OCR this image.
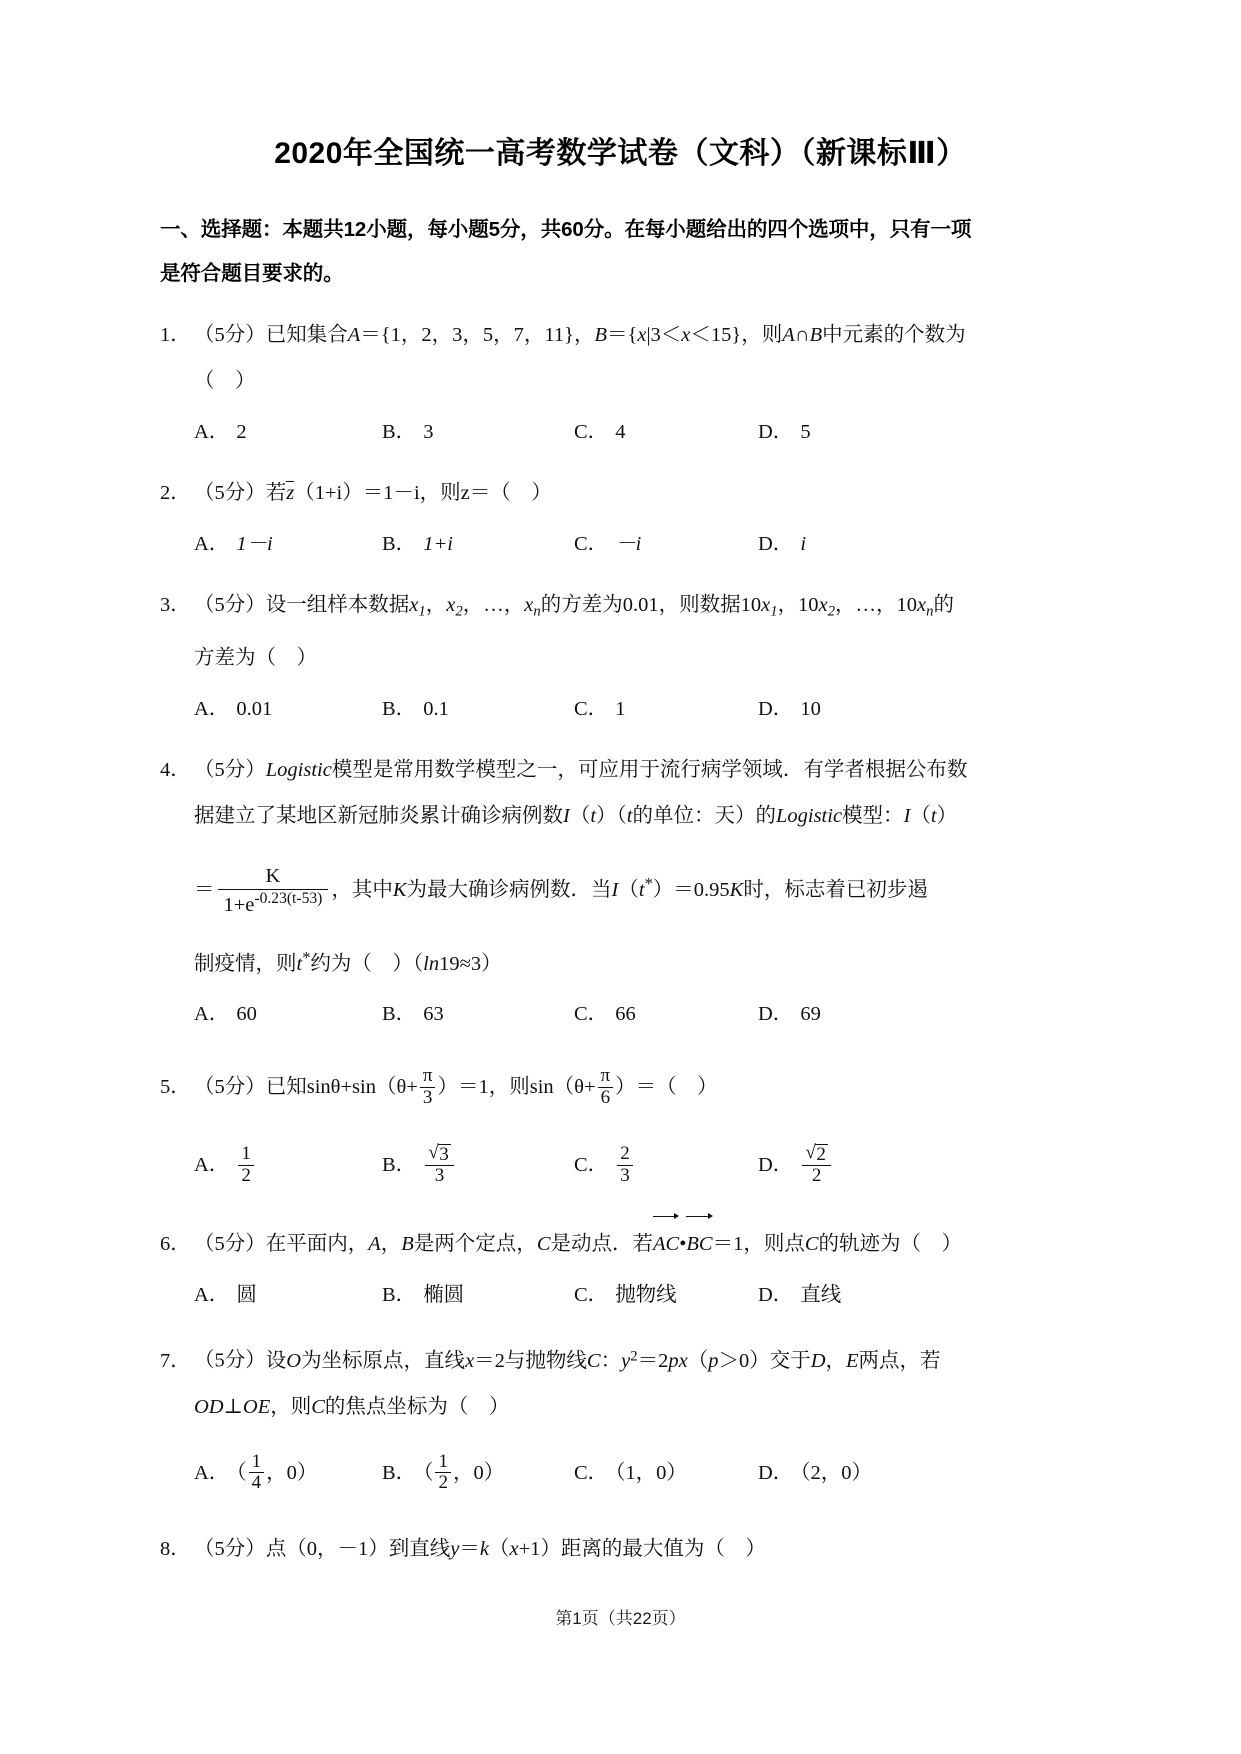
2020年全国统一高考数学试卷（文科）（新课标Ⅲ）
一、选择题：本题共12小题，每小题5分，共60分。在每小题给出的四个选项中，只有一项
是符合题目要求的。
1． （5分）已知集合A＝{1，2，3，5，7，11}，B＝{x|3＜x＜15}，则A∩B中元素的个数为
（　）
A． 2	B． 3	C． 4	D． 5
2． （5分）若z（1+i）＝1－i，则z＝（　）
A． 1－i	B． 1+i	C． －i	D． i
3． （5分）设一组样本数据$x_1$，$x_2$，…，$x_n$的方差为0.01，则数据$10x_1$，$10x_2$，…，$10x_n$的
方差为（　）
A． 0.01	B． 0.1	C． 1	D． 10
4． （5分）Logistic模型是常用数学模型之一，可应用于流行病学领域．有学者根据公布数
据建立了某地区新冠肺炎累计确诊病例数I（t）（t的单位：天）的Logistic模型：I（t）
＝ $\frac{K}{1+e^{-0.23(t-53)}}$ ，其中K为最大确诊病例数．当I（t*）＝0.95K时，标志着已初步遏
制疫情，则t*约为（　）（ln19≈3）
A． 60	B． 63	C． 66	D． 69
5． （5分）已知$\sin\theta+\sin(\theta+ \frac{\pi}{3} )=1$，则$\sin(\theta+ \frac{\pi}{6}$ ）＝（　）
A． $\frac{1}{2}$	B． √ $\frac{3}{3}$	C． $\frac{2}{3}$	D． √ $\frac{2}{2}$
6． （5分）在平面内，A，B是两个定点，C是动点．若AC•BC＝1，则点C的轨迹为（　）
A． 圆	B． 椭圆	C． 抛物线	D． 直线
7． （5分）设O为坐标原点，直线x＝2与抛物线C：$y^2=2px(p>0)$交于D，E两点，若
OD⊥OE，则C的焦点坐标为（　）
A． （ $\frac{1}{4}$ ，0）	B． （ $\frac{1}{2}$ ，0）	C． （1，0）	D． （2，0）
8． （5分）点（0，－1）到直线y＝k（x+1）距离的最大值为（　）
第1页（共22页）
